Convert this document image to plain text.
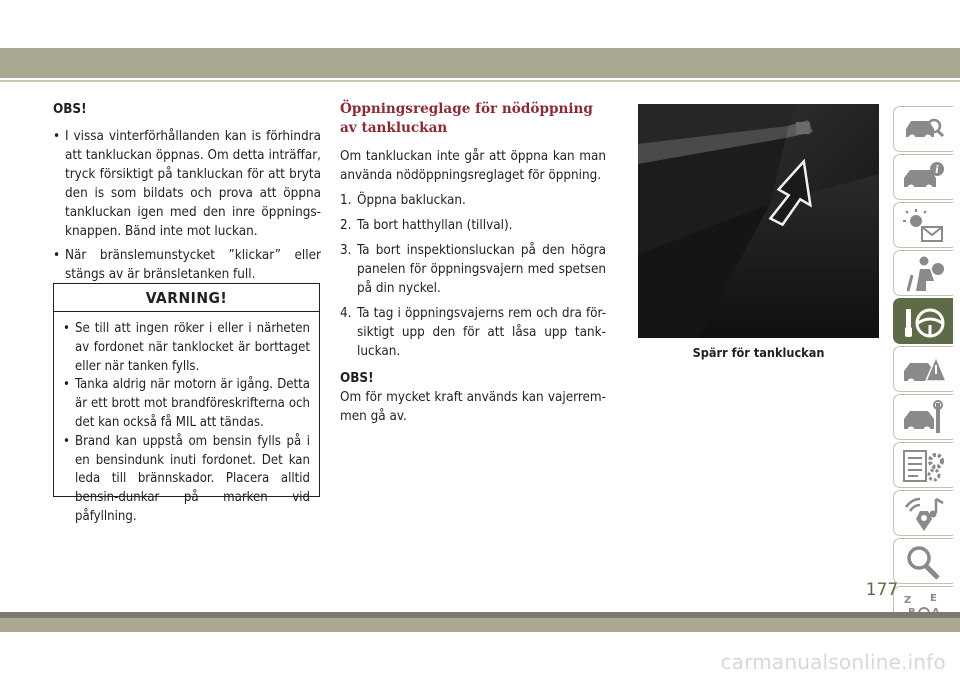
OBS!
• I vissa vinterförhållanden kan is förhindra att tankluckan öppnas. Om detta inträffar, tryck försiktigt på tankluckan för att bryta den is som bildats och prova att öppna tankluckan igen med den inre öppnings-knappen. Bänd inte mot luckan.
• När bränslemunstycket ”klickar” eller stängs av är bränsletanken full.
VARNING!
• Se till att ingen röker i eller i närheten av fordonet när tanklocket är borttaget eller när tanken fylls.
• Tanka aldrig när motorn är igång. Detta är ett brott mot brandföreskrifterna och det kan också få MIL att tändas.
• Brand kan uppstå om bensin fylls på i en bensindunk inuti fordonet. Det kan leda till brännskador. Placera alltid bensin-dunkar på marken vid påfyllning.
Öppningsreglage för nödöppning av tankluckan
Om tankluckan inte går att öppna kan man använda nödöppningsreglaget för öppning.
1. Öppna bakluckan.
2. Ta bort hatthyllan (tillval).
3. Ta bort inspektionsluckan på den högra panelen för öppningsvajern med spetsen på din nyckel.
4. Ta tag i öppningsvajerns rem och dra för-siktigt upp den för att låsa upp tank-luckan.
OBS!
Om för mycket kraft används kan vajerrem-men gå av.
Spärr för tankluckan
i
Z E
177
carmanualsonline.info
